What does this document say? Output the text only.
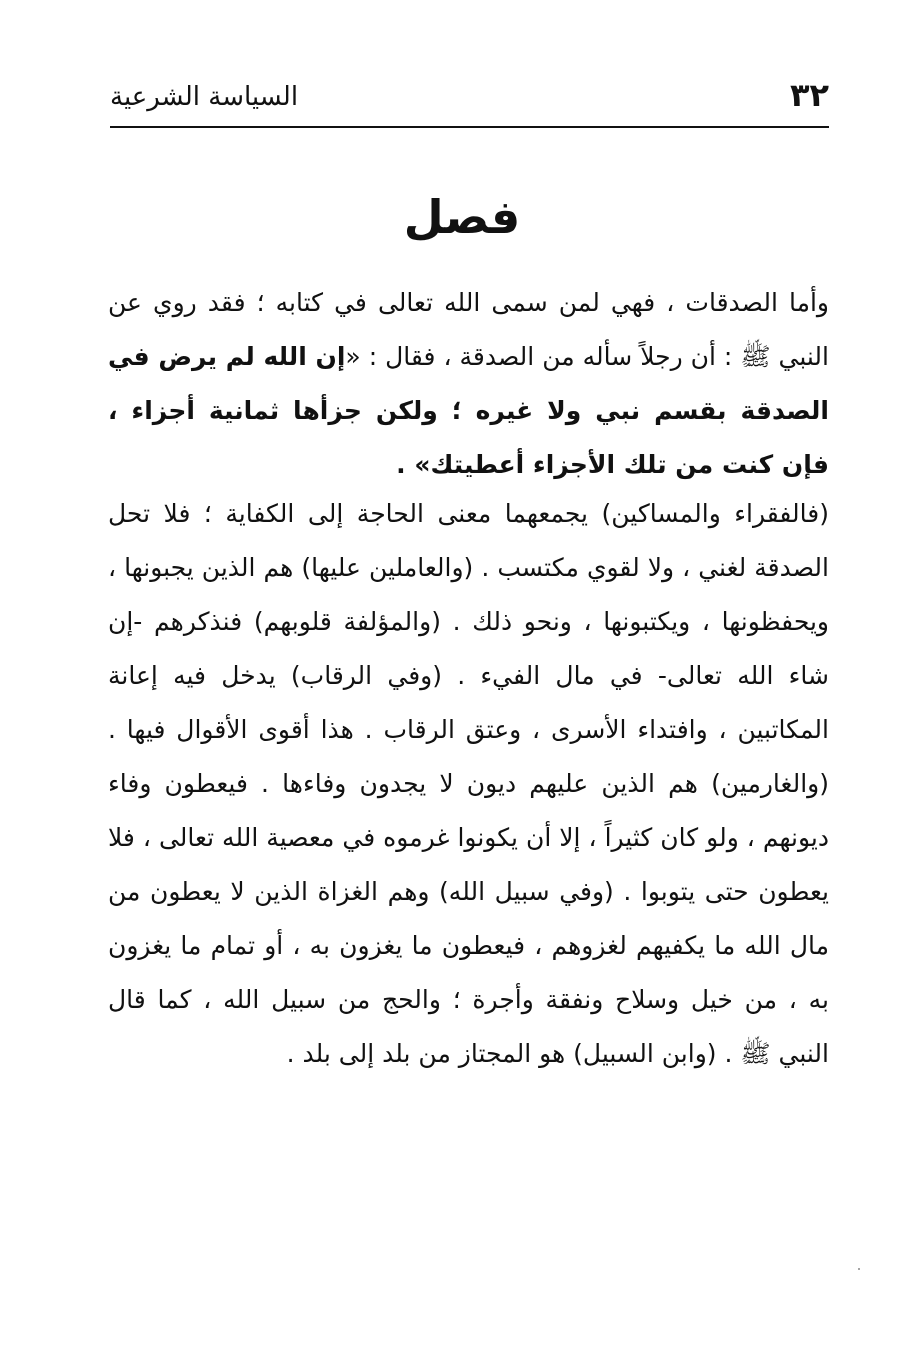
السياسة الشرعية	٣٢
فصل

وأما الصدقات ، فهي لمن سمى الله تعالى في كتابه ؛ فقد روي عن النبي ﷺ : أن رجلاً سأله من الصدقة ، فقال : «إن الله لم يرض في الصدقة بقسم نبي ولا غيره ؛ ولكن جزأها ثمانية أجزاء ، فإن كنت من تلك الأجزاء أعطيتك» .

(فالفقراء والمساكين) يجمعهما معنى الحاجة إلى الكفاية ؛ فلا تحل الصدقة لغني ، ولا لقوي مكتسب . (والعاملين عليها) هم الذين يجبونها ، ويحفظونها ، ويكتبونها ، ونحو ذلك . (والمؤلفة قلوبهم) فنذكرهم -إن شاء الله تعالى- في مال الفيء . (وفي الرقاب) يدخل فيه إعانة المكاتبين ، وافتداء الأسرى ، وعتق الرقاب . هذا أقوى الأقوال فيها . (والغارمين) هم الذين عليهم ديون لا يجدون وفاءها . فيعطون وفاء ديونهم ، ولو كان كثيراً ، إلا أن يكونوا غرموه في معصية الله تعالى ، فلا يعطون حتى يتوبوا . (وفي سبيل الله) وهم الغزاة الذين لا يعطون من مال الله ما يكفيهم لغزوهم ، فيعطون ما يغزون به ، أو تمام ما يغزون به ، من خيل وسلاح ونفقة وأجرة ؛ والحج من سبيل الله ، كما قال النبي ﷺ . (وابن السبيل) هو المجتاز من بلد إلى بلد .
